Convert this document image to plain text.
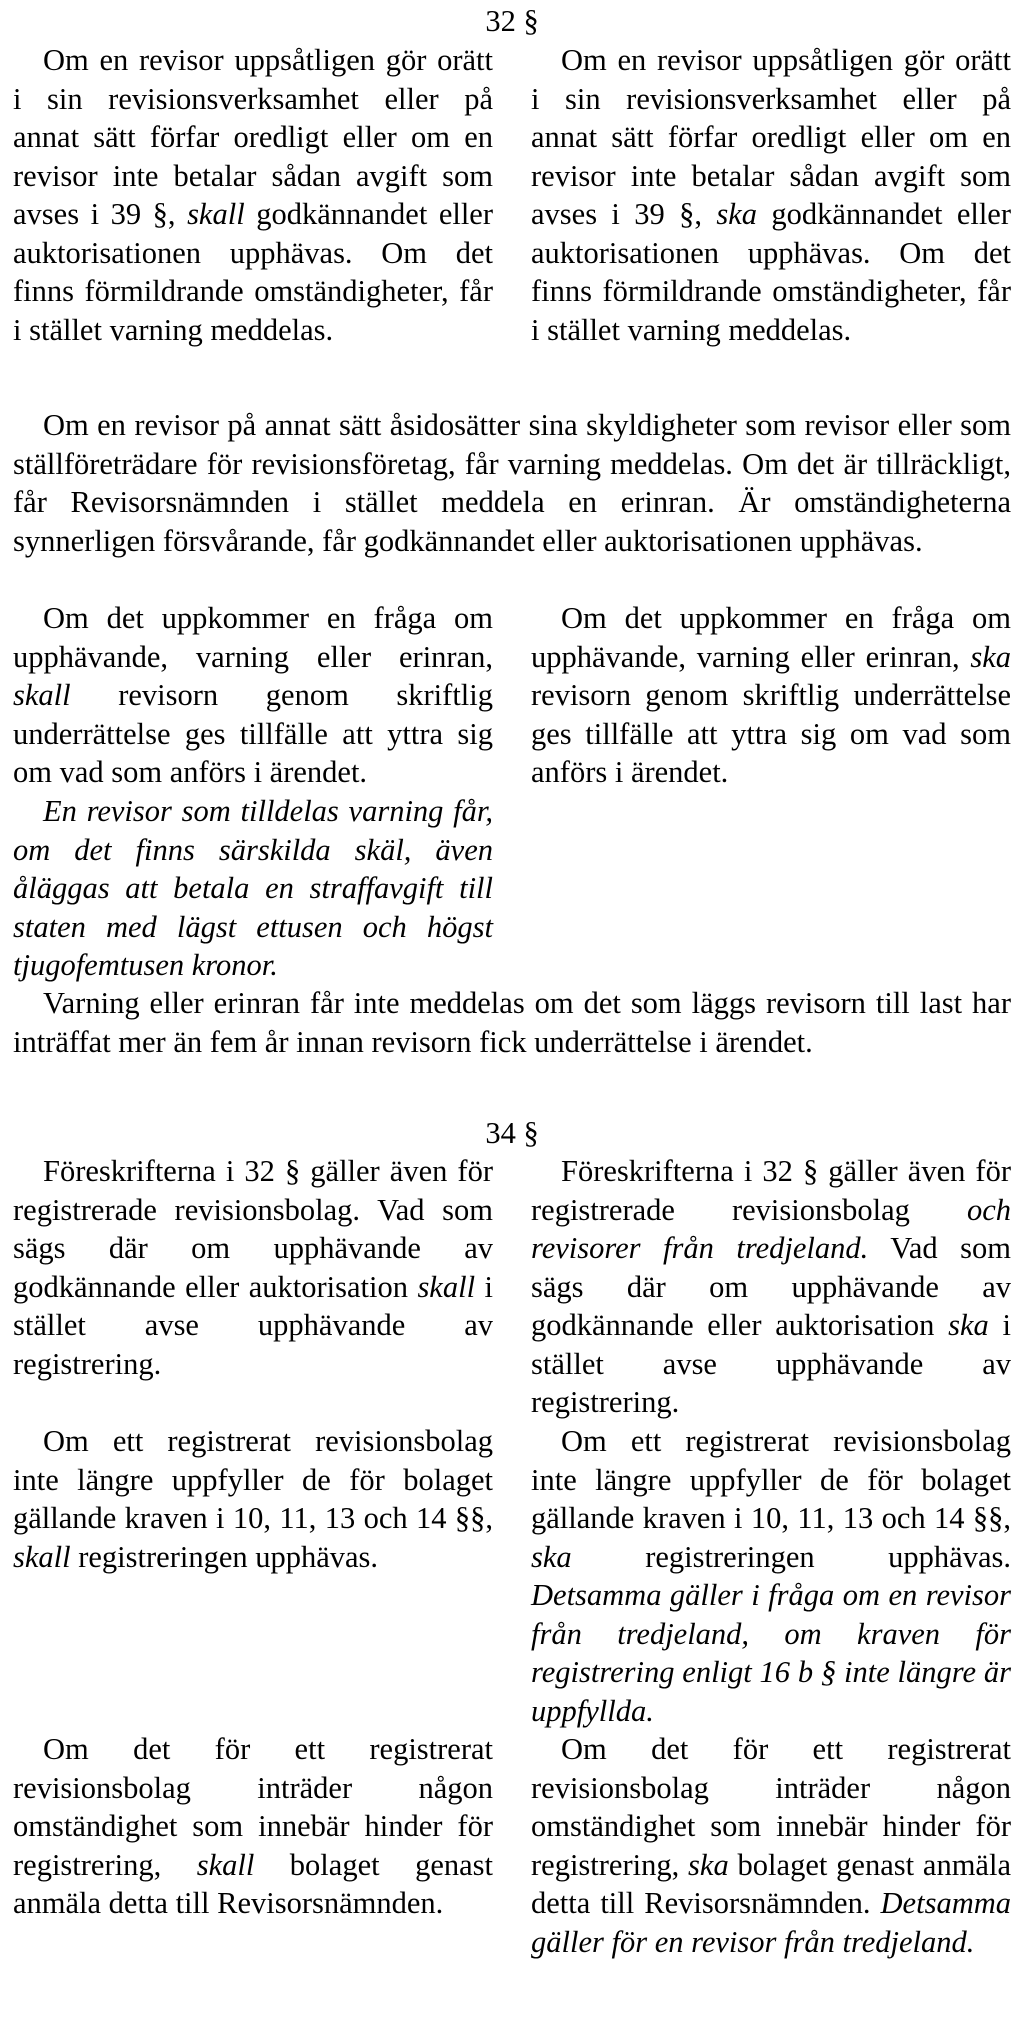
32 §

Om en revisor uppsåtligen gör orätt i sin revisionsverksamhet eller på annat sätt förfar oredligt eller om en revisor inte betalar sådan avgift som avses i 39 §, skall godkännandet eller auktorisationen upphävas. Om det finns förmildrande omständigheter, får i stället varning meddelas.

Om en revisor uppsåtligen gör orätt i sin revisionsverksamhet eller på annat sätt förfar oredligt eller om en revisor inte betalar sådan avgift som avses i 39 §, ska godkännandet eller auktorisationen upphävas. Om det finns förmildrande omständigheter, får i stället varning meddelas.

Om en revisor på annat sätt åsidosätter sina skyldigheter som revisor eller som ställföreträdare för revisionsföretag, får varning meddelas. Om det är tillräckligt, får Revisorsnämnden i stället meddela en erinran. Är omständigheterna synnerligen försvårande, får godkännandet eller auktorisationen upphävas.

Om det uppkommer en fråga om upphävande, varning eller erinran, skall revisorn genom skriftlig underrättelse ges tillfälle att yttra sig om vad som anförs i ärendet.

Om det uppkommer en fråga om upphävande, varning eller erinran, ska revisorn genom skriftlig underrättelse ges tillfälle att yttra sig om vad som anförs i ärendet.

En revisor som tilldelas varning får, om det finns särskilda skäl, även åläggas att betala en straffavgift till staten med lägst ettusen och högst tjugofemtusen kronor.

Varning eller erinran får inte meddelas om det som läggs revisorn till last har inträffat mer än fem år innan revisorn fick underrättelse i ärendet.

34 §

Föreskrifterna i 32 § gäller även för registrerade revisionsbolag. Vad som sägs där om upphävande av godkännande eller auktorisation skall i stället avse upphävande av registrering.

Föreskrifterna i 32 § gäller även för registrerade revisionsbolag och revisorer från tredjeland. Vad som sägs där om upphävande av godkännande eller auktorisation ska i stället avse upphävande av registrering.

Om ett registrerat revisionsbolag inte längre uppfyller de för bolaget gällande kraven i 10, 11, 13 och 14 §§, skall registreringen upphävas.

Om ett registrerat revisionsbolag inte längre uppfyller de för bolaget gällande kraven i 10, 11, 13 och 14 §§, ska registreringen upphävas. Detsamma gäller i fråga om en revisor från tredjeland, om kraven för registrering enligt 16 b § inte längre är uppfyllda.

Om det för ett registrerat revisionsbolag inträder någon omständighet som innebär hinder för registrering, skall bolaget genast anmäla detta till Revisorsnämnden.

Om det för ett registrerat revisionsbolag inträder någon omständighet som innebär hinder för registrering, ska bolaget genast anmäla detta till Revisorsnämnden. Detsamma gäller för en revisor från tredjeland.
